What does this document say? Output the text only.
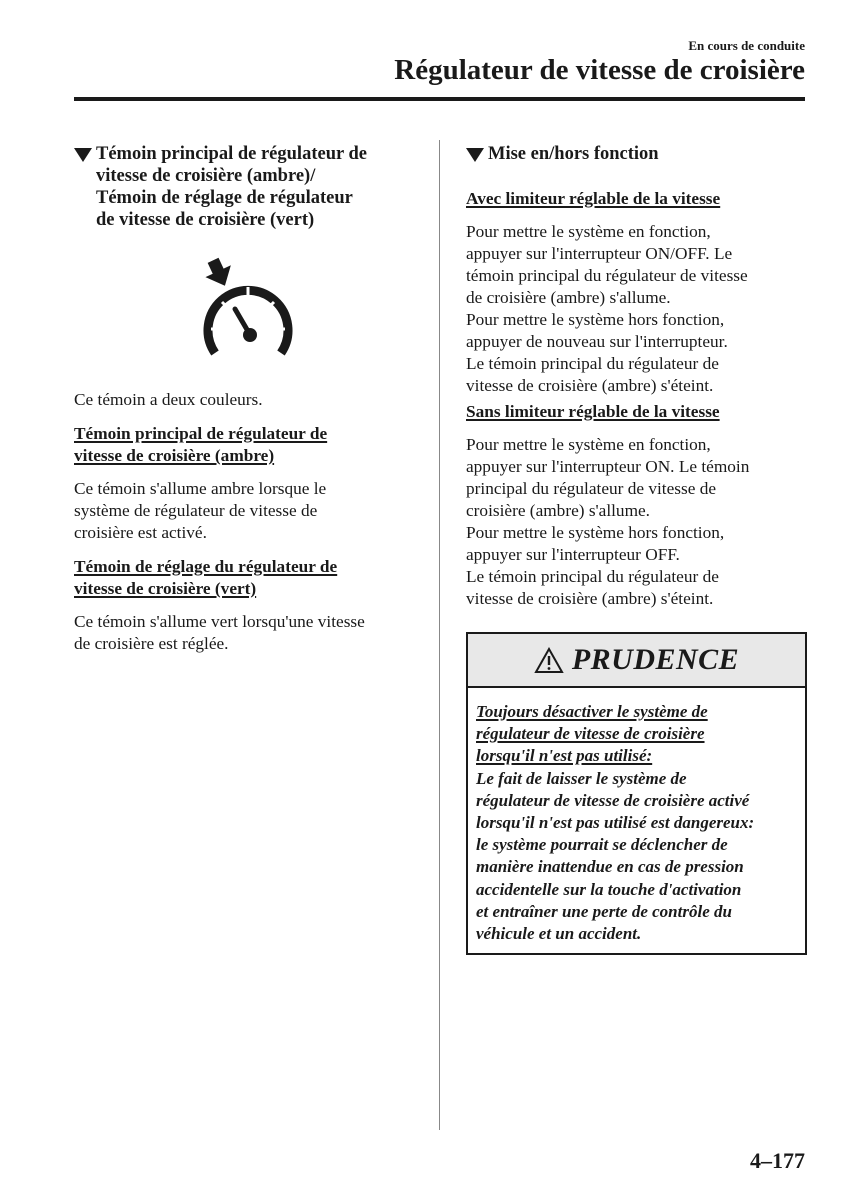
En cours de conduite
Régulateur de vitesse de croisière
Témoin principal de régulateur de
vitesse de croisière (ambre)/
Témoin de réglage de régulateur
de vitesse de croisière (vert)

Ce témoin a deux couleurs.

Témoin principal de régulateur de
vitesse de croisière (ambre)

Ce témoin s'allume ambre lorsque le
système de régulateur de vitesse de
croisière est activé.

Témoin de réglage du régulateur de
vitesse de croisière (vert)

Ce témoin s'allume vert lorsqu'une vitesse
de croisière est réglée.

Mise en/hors fonction

Avec limiteur réglable de la vitesse

Pour mettre le système en fonction,
appuyer sur l'interrupteur ON/OFF. Le
témoin principal du régulateur de vitesse
de croisière (ambre) s'allume.
Pour mettre le système hors fonction,
appuyer de nouveau sur l'interrupteur.
Le témoin principal du régulateur de
vitesse de croisière (ambre) s'éteint.

Sans limiteur réglable de la vitesse

Pour mettre le système en fonction,
appuyer sur l'interrupteur ON. Le témoin
principal du régulateur de vitesse de
croisière (ambre) s'allume.
Pour mettre le système hors fonction,
appuyer sur l'interrupteur OFF.
Le témoin principal du régulateur de
vitesse de croisière (ambre) s'éteint.

PRUDENCE
Toujours désactiver le système de
régulateur de vitesse de croisière
lorsqu'il n'est pas utilisé:
Le fait de laisser le système de
régulateur de vitesse de croisière activé
lorsqu'il n'est pas utilisé est dangereux:
le système pourrait se déclencher de
manière inattendue en cas de pression
accidentelle sur la touche d'activation
et entraîner une perte de contrôle du
véhicule et un accident.
4–177
